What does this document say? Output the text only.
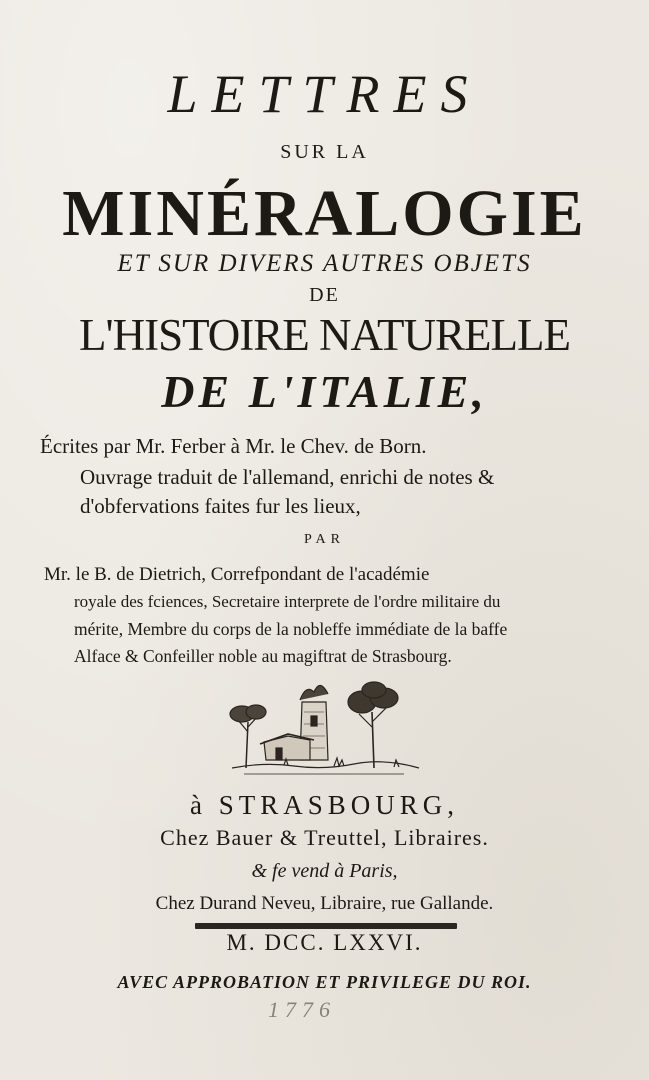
LETTRES
SUR LA
MINÉRALOGIE
ET SUR DIVERS AUTRES OBJETS
DE
L'HISTOIRE NATURELLE
DE L'ITALIE,
Écrites par Mr. Ferber à Mr. le Chev. de Born.
Ouvrage traduit de l'allemand, enrichi de notes &
d'obfervations faites fur les lieux,
PAR
Mr. le B. de Dietrich, Correfpondant de l'académie
royale des fciences, Secretaire interprete de l'ordre militaire du
mérite, Membre du corps de la nobleffe immédiate de la baffe
Alface & Confeiller noble au magiftrat de Strasbourg.
à STRASBOURG,
Chez Bauer & Treuttel, Libraires.
& fe vend à Paris,
Chez Durand Neveu, Libraire, rue Gallande.
M. DCC. LXXVI.
AVEC APPROBATION ET PRIVILEGE DU ROI.
1776
